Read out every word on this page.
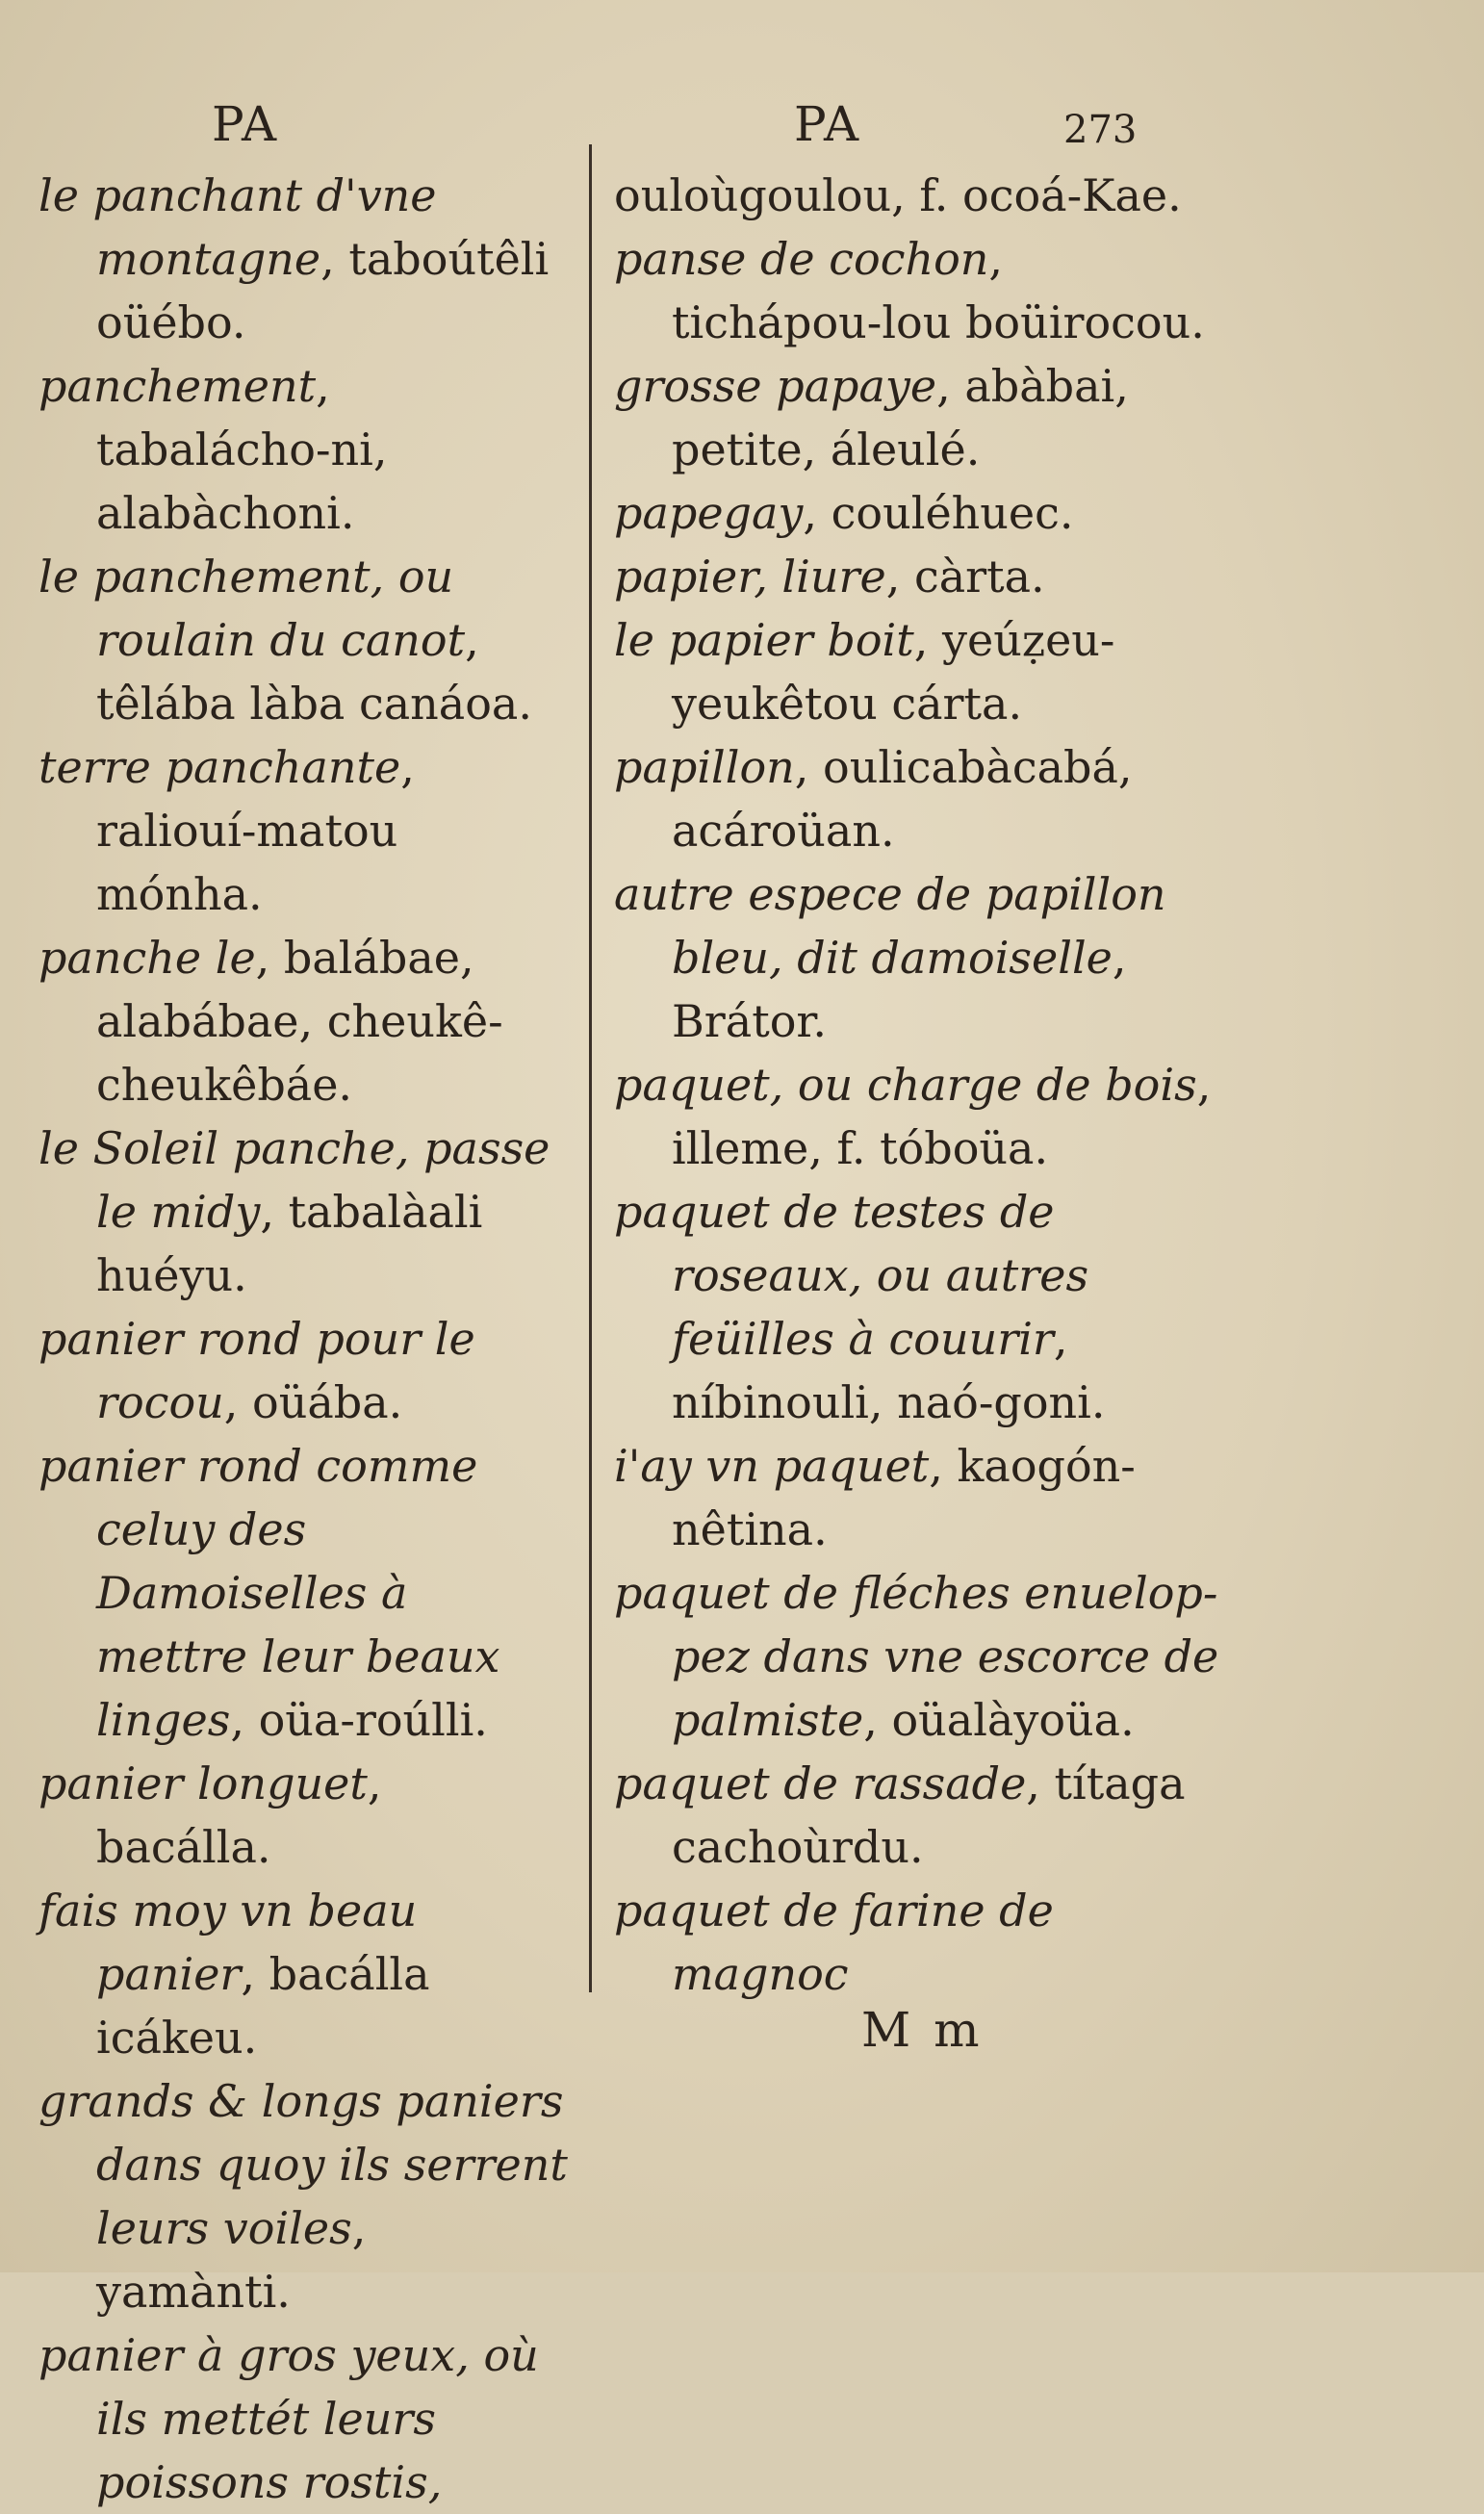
PA	PA	273

le panchant d'vne montagne, taboútêli oüébo.

panchement, tabalácho-ni, alabàchoni.

le panchement, ou roulain du canot, têlába làba canáoa.

terre panchante, raliouí-matou mónha.

panche le, balábae, alabábae, cheukê-cheukêbáe.

le Soleil panche, passe le midy, tabalàali huéyu.

panier rond pour le rocou, oüába.

panier rond comme celuy des Damoiselles à mettre leur beaux linges, oüa-roúlli.

panier longuet, bacálla.

fais moy vn beau panier, bacálla icákeu.

grands & longs paniers dans quoy ils serrent leurs voiles, yamànti.

panier à gros yeux, où ils mettét leurs poissons rostis,

ouloùgoulou, f. ocoá-Kae.

panse de cochon, tichápou-lou boüirocou.

grosse papaye, abàbai, petite, áleulé.

papegay, couléhuec.

papier, liure, càrta.

le papier boit, yeúẓeu-yeukêtou cárta.

papillon, oulicabàcabá, acároüan.

autre espece de papillon bleu, dit damoiselle, Brátor.

paquet, ou charge de bois, illeme, f. tóboüa.

paquet de testes de roseaux, ou autres feüilles à couurir, níbinouli, naó-goni.

i'ay vn paquet, kaogón-nêtina.

paquet de fléches enuelop-pez dans vne escorce de palmiste, oüalàyoüa.

paquet de rassade, títaga cachoùrdu.

paquet de farine de magnoc

M m
